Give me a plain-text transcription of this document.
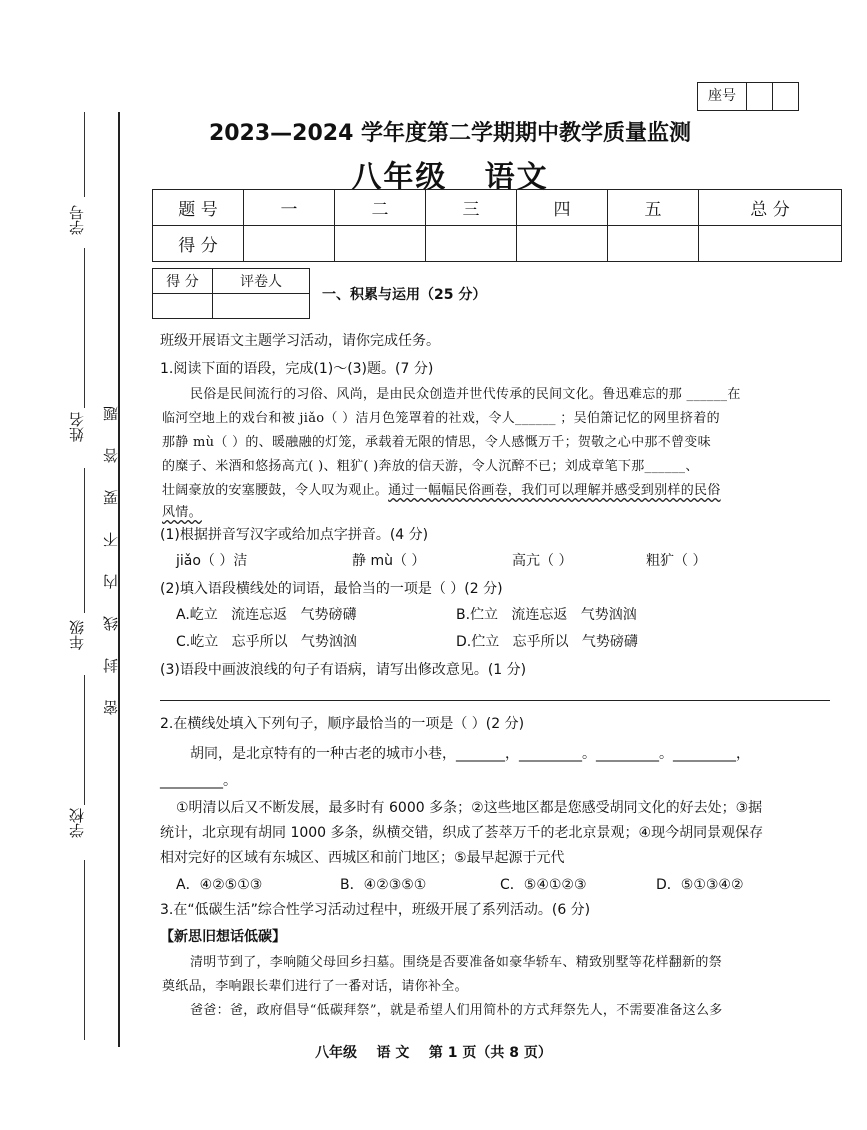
学号
姓名
年级
学校
题
答
要
不
内
线
封
密
座号
2023—2024 学年度第二学期期中教学质量监测
八年级   语文
题 号	一	二	三	四	五	总 分
得 分						
得 分	评卷人

一、积累与运用（25 分）
班级开展语文主题学习活动，请你完成任务。
1.阅读下面的语段，完成(1)～(3)题。(7 分)
民俗是民间流行的习俗、风尚，是由民众创造并世代传承的民间文化。鲁迅难忘的那 ______在
临河空地上的戏台和被 jiǎo（ ）洁月色笼罩着的社戏，令人______ ；吴伯箫记忆的网里挤着的
那静 mù（ ）的、暖融融的灯笼，承载着无限的情思，令人感慨万千；贺敬之心中那不曾变味
的糜子、米酒和悠扬高亢( )、粗犷( )奔放的信天游，令人沉醉不已；刘成章笔下那______、
壮阔豪放的安塞腰鼓，令人叹为观止。通过一幅幅民俗画卷，我们可以理解并感受到别样的民俗
风情。
(1)根据拼音写汉字或给加点字拼音。(4 分)
jiǎo（ ）洁	静 mù（ ）	高亢（ ）	粗犷（ ）
(2)填入语段横线处的词语，最恰当的一项是（ ）(2 分)
A.屹立   流连忘返   气势磅礴	B.伫立   流连忘返   气势汹汹
C.屹立   忘乎所以   气势汹汹	D.伫立   忘乎所以   气势磅礴
(3)语段中画波浪线的句子有语病，请写出修改意见。(1 分)
2.在横线处填入下列句子，顺序最恰当的一项是（ ）(2 分)
胡同，是北京特有的一种古老的城市小巷，_______，_________。_________。_________，
_________。
①明清以后又不断发展，最多时有 6000 多条；②这些地区都是您感受胡同文化的好去处；③据
统计，北京现有胡同 1000 多条，纵横交错，织成了荟萃万千的老北京景观；④现今胡同景观保存
相对完好的区域有东城区、西城区和前门地区；⑤最早起源于元代
A．④②⑤①③	B．④②③⑤①	C．⑤④①②③	D．⑤①③④②
3.在“低碳生活”综合性学习活动过程中，班级开展了系列活动。(6 分)
【新思旧想话低碳】
清明节到了，李响随父母回乡扫墓。围绕是否要准备如豪华轿车、精致别墅等花样翻新的祭
奠纸品，李响跟长辈们进行了一番对话，请你补全。
爸爸：爸，政府倡导“低碳拜祭”，就是希望人们用简朴的方式拜祭先人，不需要准备这么多
八年级    语 文    第 1 页（共 8 页）
